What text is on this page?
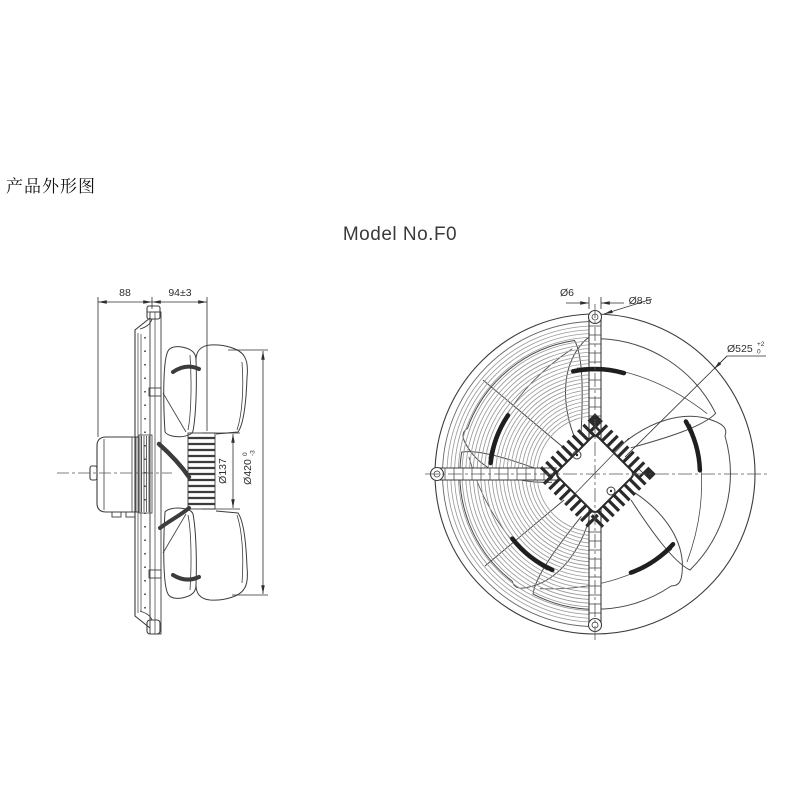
产品外形图
Model No.F0
88	94±3
Ø137 Ø420
0 -3
Ø6
Ø8.5
Ø525 +2
0
